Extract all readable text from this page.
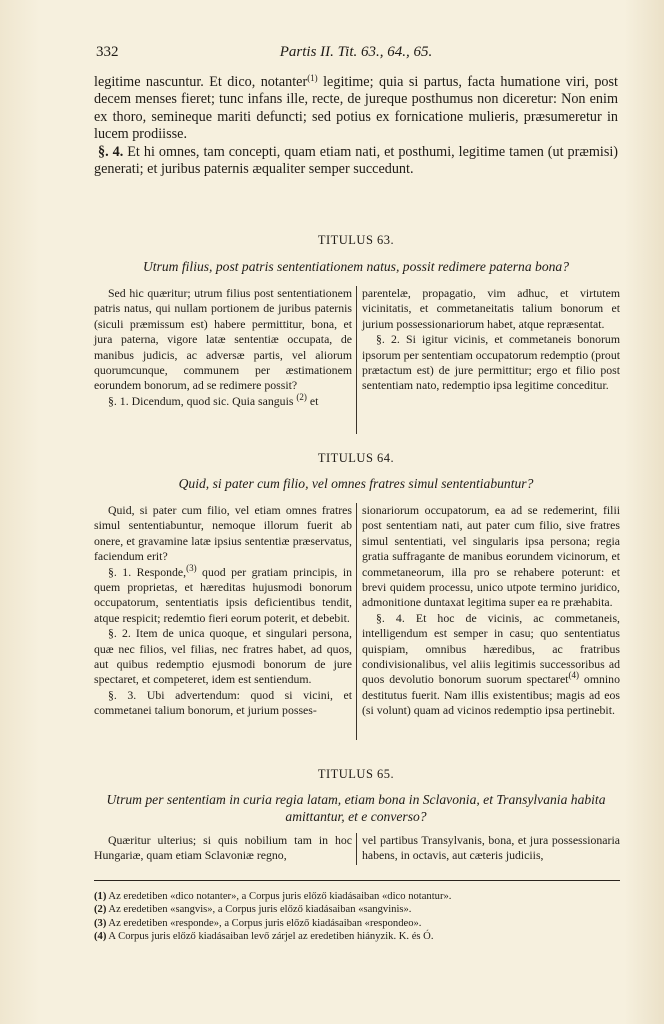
332	Partis II. Tit. 63., 64., 65.

legitime nascuntur. Et dico, notanter$^{(1)}$ legitime; quia si partus, facta humatione viri, post decem menses fieret; tunc infans ille, recte, de jureque posthumus non diceretur: Non enim ex thoro, semineque mariti defuncti; sed potius ex fornicatione mulieris, præsumeretur in lucem prodiisse.

§. 4. Et hi omnes, tam concepti, quam etiam nati, et posthumi, legitime tamen (ut præmisi) generati; et juribus paternis æqualiter semper succedunt.

TITULUS 63.
Utrum filius, post patris sententiationem natus, possit redimere paterna bona?

Sed hic quæritur; utrum filius post sententiationem patris natus, qui nullam portionem de juribus paternis (siculi præmissum est) habere permittitur, bona, et jura paterna, vigore latæ sententiæ occupata, de manibus judicis, ac adversæ partis, vel aliorum quorumcunque, communem per æstimationem eorundem bonorum, ad se redimere possit?

§. 1. Dicendum, quod sic. Quia sanguis $^{(2)}$ et

parentelæ, propagatio, vim adhuc, et virtutem vicinitatis, et commetaneitatis talium bonorum et jurium possessionariorum habet, atque repræsentat.

§. 2. Si igitur vicinis, et commetaneis bonorum ipsorum per sententiam occupatorum redemptio (prout prætactum est) de jure permittitur; ergo et filio post sententiam nato, redemptio ipsa legitime conceditur.

TITULUS 64.
Quid, si pater cum filio, vel omnes fratres simul sententiabuntur?

Quid, si pater cum filio, vel etiam omnes fratres simul sententiabuntur, nemoque illorum fuerit ab onere, et gravamine latæ ipsius sententiæ præservatus, faciendum erit?

§. 1. Responde,$^{(3)}$ quod per gratiam principis, in quem proprietas, et hæreditas hujusmodi bonorum occupatorum, sententiatis ipsis deficientibus tendit, atque respicit; redemtio fieri eorum poterit, et debebit.

§. 2. Item de unica quoque, et singulari persona, quæ nec filios, vel filias, nec fratres habet, ad quos, aut quibus redemptio ejusmodi bonorum de jure spectaret, et competeret, idem est sentiendum.

§. 3. Ubi advertendum: quod si vicini, et commetanei talium bonorum, et jurium posses-

sionariorum occupatorum, ea ad se redemerint, filii post sententiam nati, aut pater cum filio, sive fratres simul sententiati, vel singularis ipsa persona; regia gratia suffragante de manibus eorundem vicinorum, et commetaneorum, illa pro se rehabere poterunt: et brevi quidem processu, unico utpote termino juridico, admonitione duntaxat legitima super ea re præhabita.

§. 4. Et hoc de vicinis, ac commetaneis, intelligendum est semper in casu; quo sententiatus quispiam, omnibus hæredibus, ac fratribus condivisionalibus, vel aliis legitimis successoribus ad quos devolutio bonorum suorum spectaret$^{(4)}$ omnino destitutus fuerit. Nam illis existentibus; magis ad eos (si volunt) quam ad vicinos redemptio ipsa pertinebit.

TITULUS 65.
Utrum per sententiam in curia regia latam, etiam bona in Sclavonia, et Transylvania habita amittantur, et e converso?

Quæritur ulterius; si quis nobilium tam in hoc Hungariæ, quam etiam Sclavoniæ regno,

vel partibus Transylvanis, bona, et jura possessionaria habens, in octavis, aut cæteris judiciis,

(1) Az eredetiben «dico notanter», a Corpus juris előző kiadásaiban «dico notantur».
(2) Az eredetiben «sangvis», a Corpus juris előző kiadásaiban «sangvinis».
(3) Az eredetiben «responde», a Corpus juris előző kiadásaiban «respondeo».
(4) A Corpus juris előző kiadásaiban levő zárjel az eredetiben hiányzik. K. és Ó.
